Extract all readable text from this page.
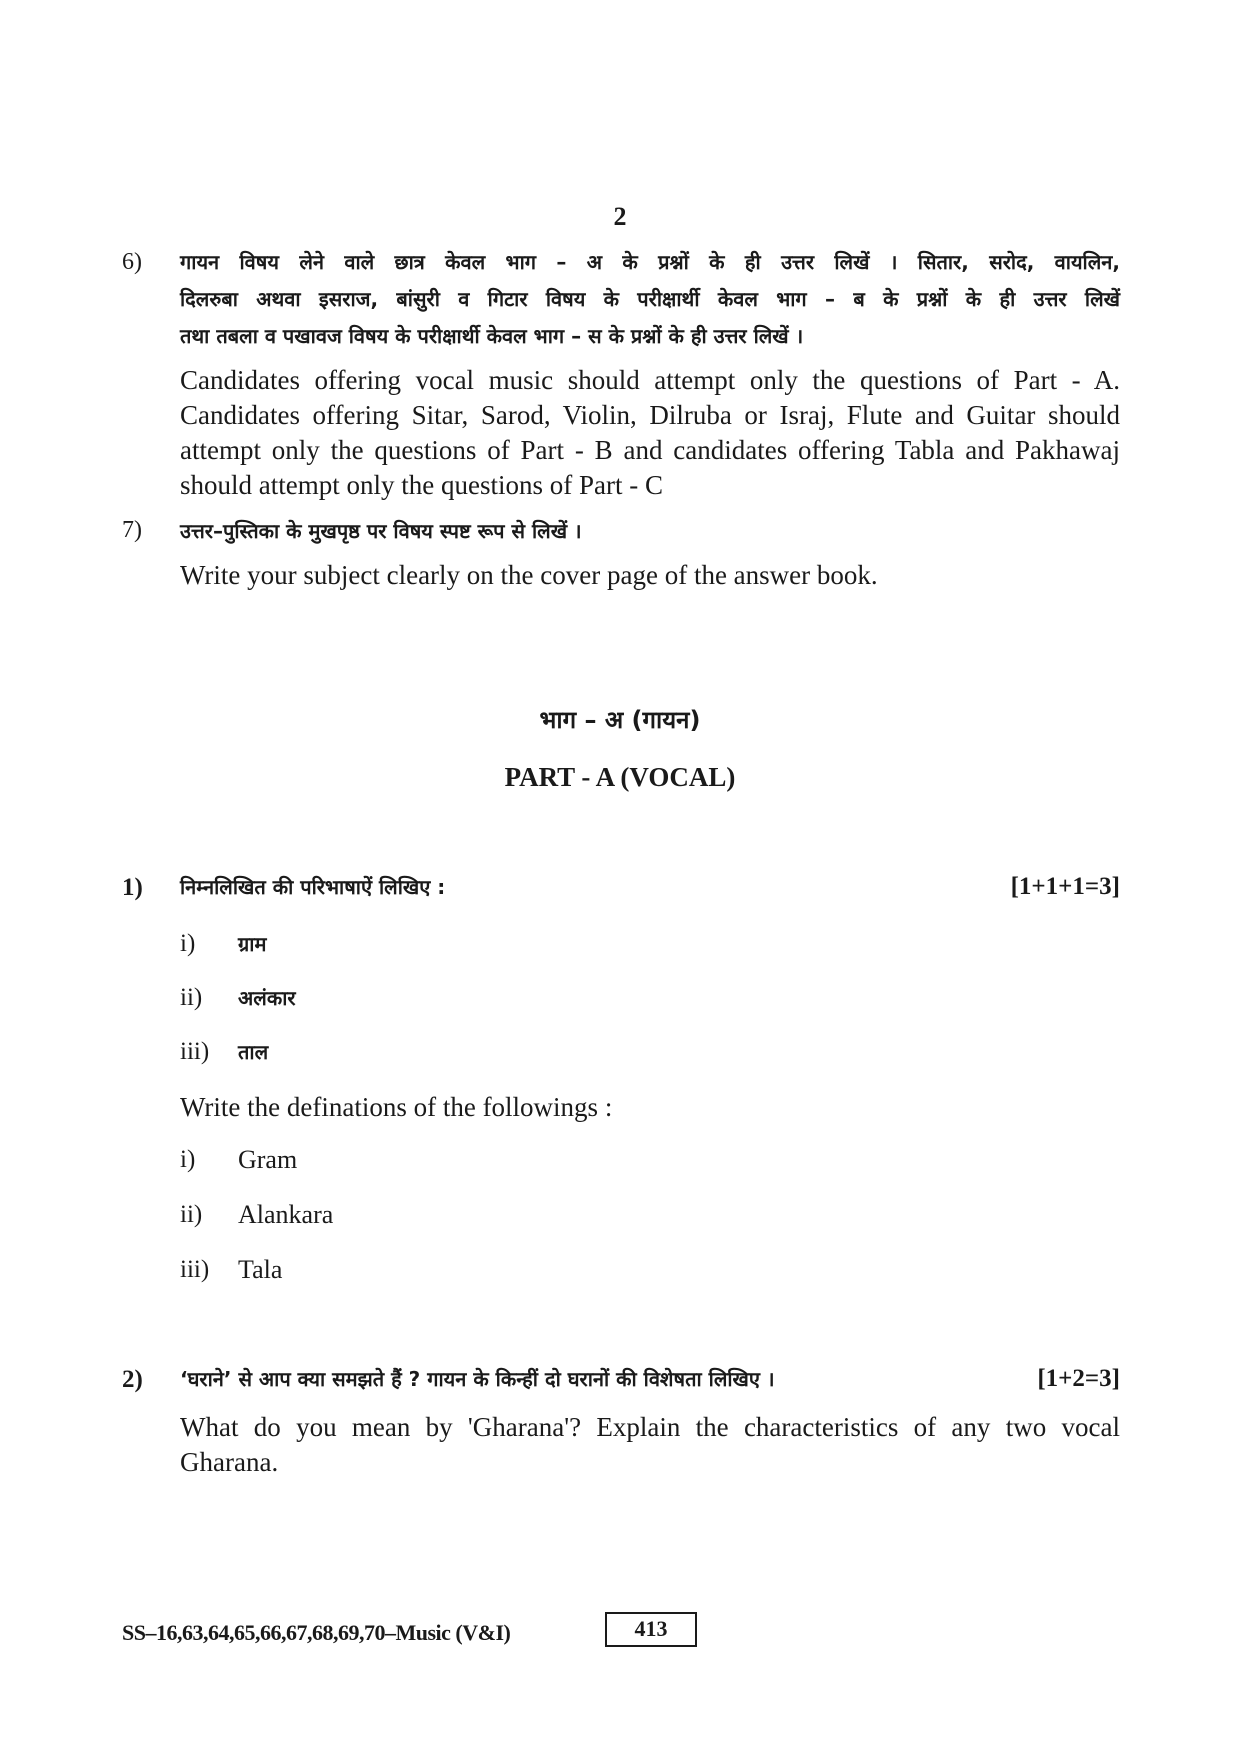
2
6) गायन विषय लेने वाले छात्र केवल भाग – अ के प्रश्नों के ही उत्तर लिखें । सितार, सरोद, वायलिन,
दिलरुबा अथवा इसराज, बांसुरी व गिटार विषय के परीक्षार्थी केवल भाग – ब के प्रश्नों के ही उत्तर लिखें
तथा तबला व पखावज विषय के परीक्षार्थी केवल भाग – स के प्रश्नों के ही उत्तर लिखें ।
Candidates offering vocal music should attempt only the questions of Part - A. Candidates offering Sitar, Sarod, Violin, Dilruba or Israj, Flute and Guitar should attempt only the questions of Part - B and candidates offering Tabla and Pakhawaj should attempt only the questions of Part - C
7) उत्तर–पुस्तिका के मुखपृष्ठ पर विषय स्पष्ट रूप से लिखें ।
Write your subject clearly on the cover page of the answer book.
भाग – अ (गायन)
PART - A (VOCAL)
1) निम्नलिखित की परिभाषाऐं लिखिए :	[1+1+1=3]
i) ग्राम
ii) अलंकार
iii) ताल
Write the definations of the followings :
i) Gram
ii) Alankara
iii) Tala
2) ‘घराने’ से आप क्या समझते हैं ? गायन के किन्हीं दो घरानों की विशेषता लिखिए ।	[1+2=3]
What do you mean by 'Gharana'? Explain the characteristics of any two vocal Gharana.
SS–16,63,64,65,66,67,68,69,70–Music (V&I)	413
